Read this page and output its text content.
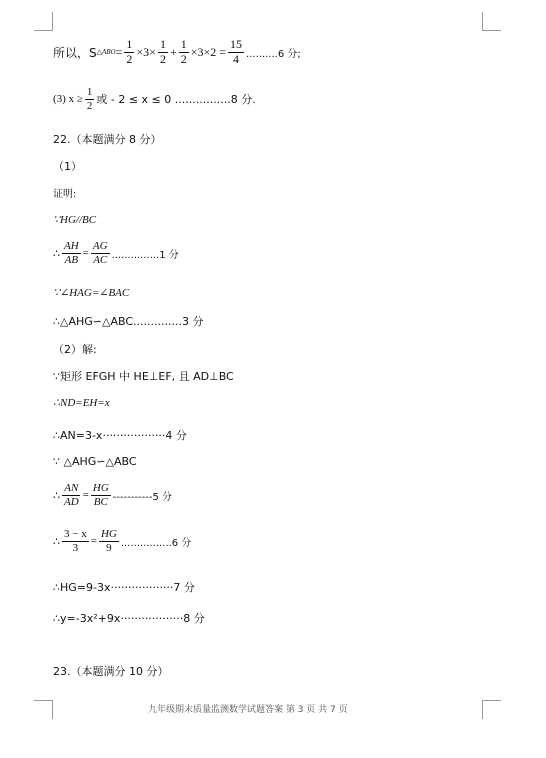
所以，S △ABO = $\frac{1}{2} \times 3\times \frac{1}{2} + \frac{1}{2} \times 3\times 2 = \frac{15}{4} ..........6$ 分;
(3) $x \ge \frac{1}{2}$ 或 - 2 ≤ x ≤ 0 ................8 分.
22.（本题满分 8 分）
（1）
证明:
∵HG//BC
∴ $\frac{AH}{AB} = \frac{AG}{AC} ...............1$ 分
∵∠HAG=∠BAC
∴△AHG∽△ABC..............3 分
（2）解:
∵矩形 EFGH 中 HE⊥EF, 且 AD⊥BC
∴ND=EH=x
∴AN=3-x··················4 分
∵ △AHG∽△ABC
∴ $\frac{AN}{AD} = \frac{HG}{BC} -----------5$ 分
∴ $\frac{3 - x}{3} = \frac{HG}{9} ................6$ 分
∴HG=9-3x··················7 分
∴y=-3x²+9x··················8 分
23.（本题满分 10 分）
九年级期末质量监测数学试题答案 第 3 页 共 7 页
